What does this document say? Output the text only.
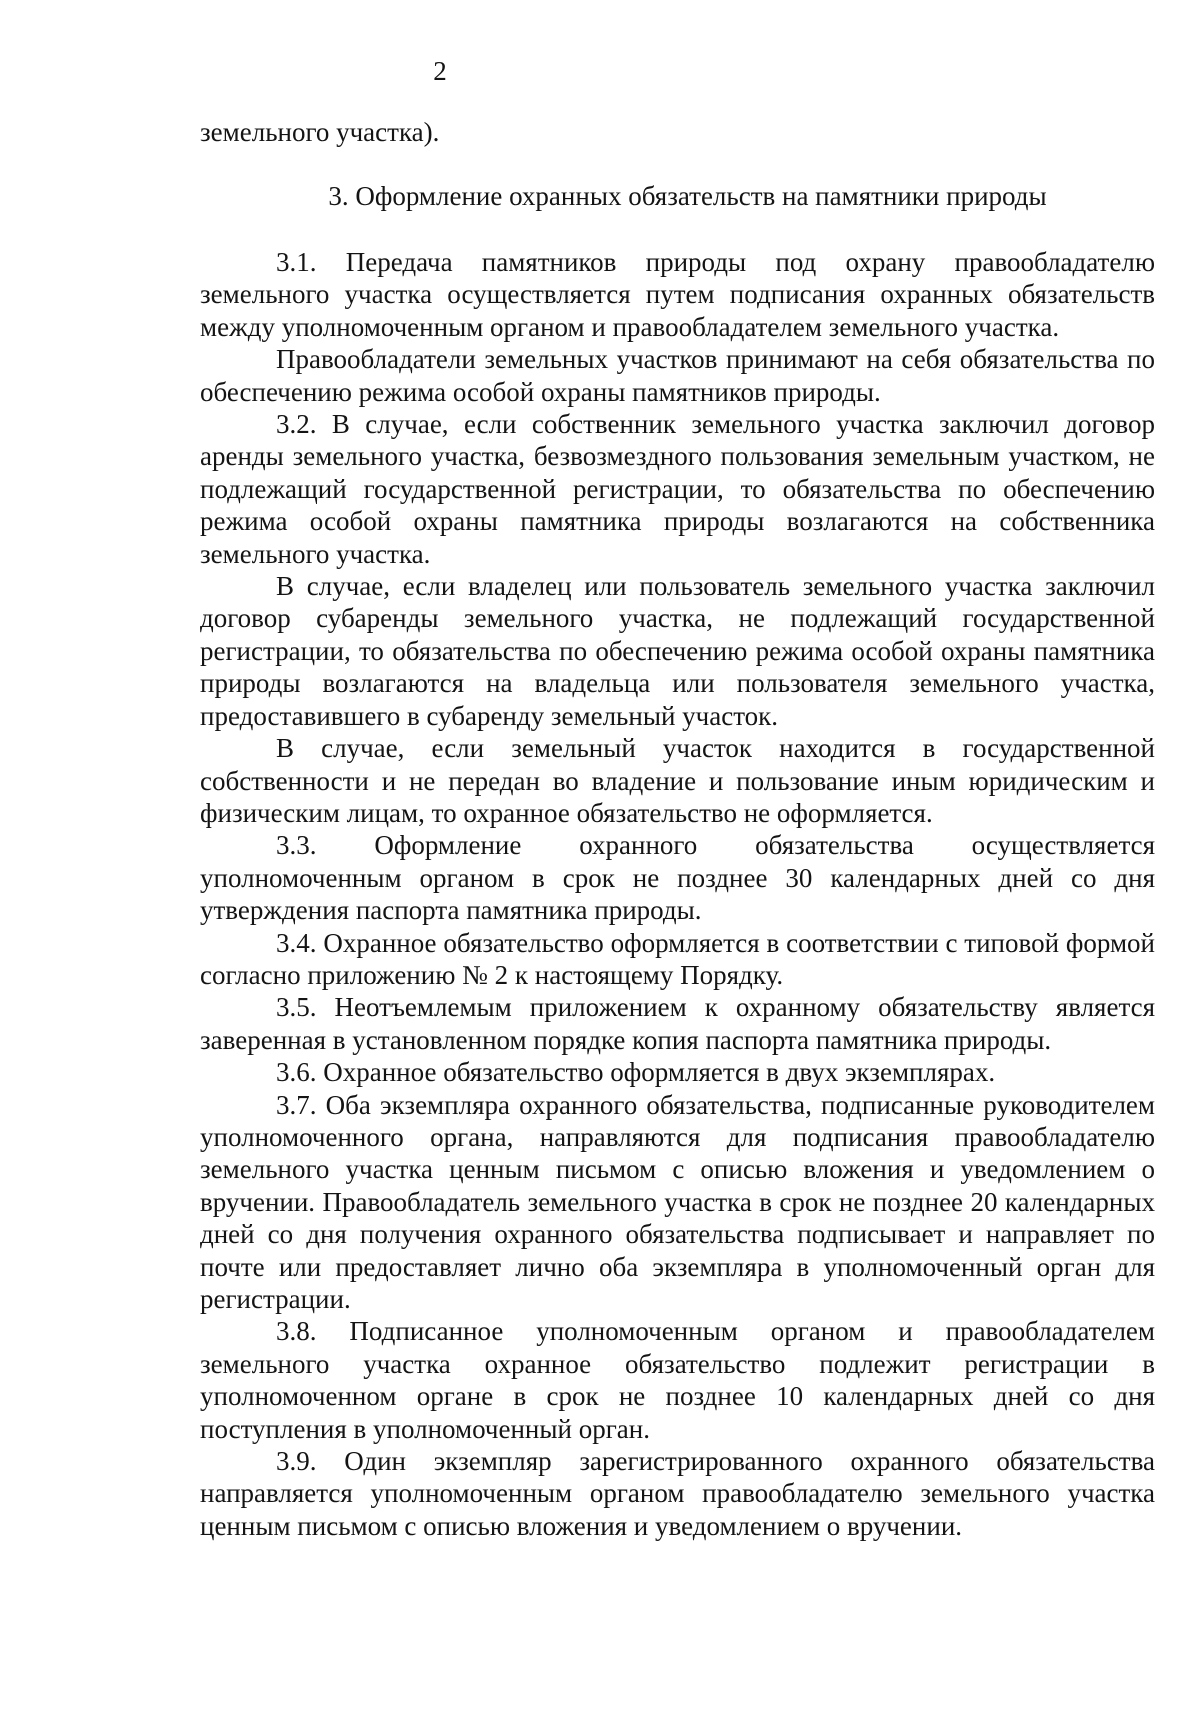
2

земельного участка).

3. Оформление охранных обязательств на памятники природы

3.1. Передача памятников природы под охрану правообладателю земельного участка осуществляется путем подписания охранных обязательств между уполномоченным органом и правообладателем земельного участка.

Правообладатели земельных участков принимают на себя обязательства по обеспечению режима особой охраны памятников природы.

3.2. В случае, если собственник земельного участка заключил договор аренды земельного участка, безвозмездного пользования земельным участком, не подлежащий государственной регистрации, то обязательства по обеспечению режима особой охраны памятника природы возлагаются на собственника земельного участка.

В случае, если владелец или пользователь земельного участка заключил договор субаренды земельного участка, не подлежащий государственной регистрации, то обязательства по обеспечению режима особой охраны памятника природы возлагаются на владельца или пользователя земельного участка, предоставившего в субаренду земельный участок.

В случае, если земельный участок находится в государственной собственности и не передан во владение и пользование иным юридическим и физическим лицам, то охранное обязательство не оформляется.

3.3. Оформление охранного обязательства осуществляется уполномоченным органом в срок не позднее 30 календарных дней со дня утверждения паспорта памятника природы.

3.4. Охранное обязательство оформляется в соответствии с типовой формой согласно приложению № 2 к настоящему Порядку.

3.5. Неотъемлемым приложением к охранному обязательству является заверенная в установленном порядке копия паспорта памятника природы.

3.6. Охранное обязательство оформляется в двух экземплярах.

3.7. Оба экземпляра охранного обязательства, подписанные руководителем уполномоченного органа, направляются для подписания правообладателю земельного участка ценным письмом с описью вложения и уведомлением о вручении. Правообладатель земельного участка в срок не позднее 20 календарных дней со дня получения охранного обязательства подписывает и направляет по почте или предоставляет лично оба экземпляра в уполномоченный орган для регистрации.

3.8. Подписанное уполномоченным органом и правообладателем земельного участка охранное обязательство подлежит регистрации в уполномоченном органе в срок не позднее 10 календарных дней со дня поступления в уполномоченный орган.

3.9. Один экземпляр зарегистрированного охранного обязательства направляется уполномоченным органом правообладателю земельного участка ценным письмом с описью вложения и уведомлением о вручении.
